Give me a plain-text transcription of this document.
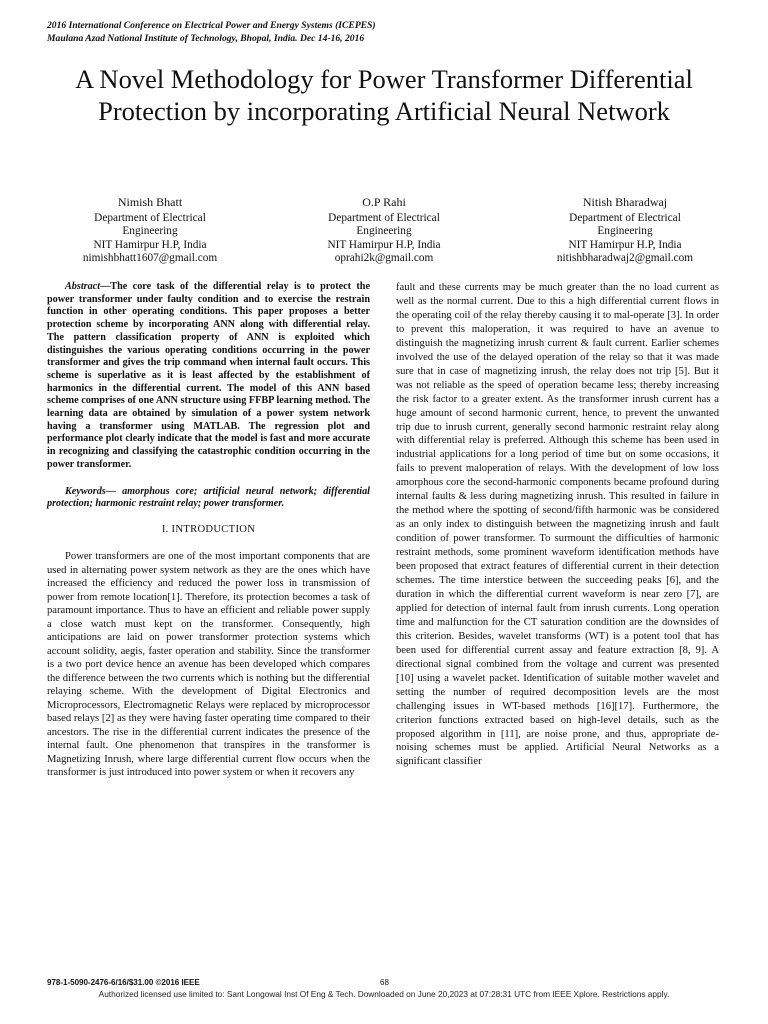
2016 International Conference on Electrical Power and Energy Systems (ICEPES)
Maulana Azad National Institute of Technology, Bhopal, India. Dec 14-16, 2016
A Novel Methodology for Power Transformer Differential Protection by incorporating Artificial Neural Network
Nimish Bhatt
Department of Electrical
Engineering
NIT Hamirpur H.P, India
nimishbhatt1607@gmail.com
O.P Rahi
Department of Electrical
Engineering
NIT Hamirpur H.P, India
oprahi2k@gmail.com
Nitish Bharadwaj
Department of Electrical
Engineering
NIT Hamirpur H.P, India
nitishbharadwaj2@gmail.com

Abstract—The core task of the differential relay is to protect the power transformer under faulty condition and to exercise the restrain function in other operating conditions. This paper proposes a better protection scheme by incorporating ANN along with differential relay. The pattern classification property of ANN is exploited which distinguishes the various operating conditions occurring in the power transformer and gives the trip command when internal fault occurs. This scheme is superlative as it is least affected by the establishment of harmonics in the differential current. The model of this ANN based scheme comprises of one ANN structure using FFBP learning method. The learning data are obtained by simulation of a power system network having a transformer using MATLAB. The regression plot and performance plot clearly indicate that the model is fast and more accurate in recognizing and classifying the catastrophic condition occurring in the power transformer.

Keywords— amorphous core; artificial neural network; differential protection; harmonic restraint relay; power transformer.

I. INTRODUCTION

Power transformers are one of the most important components that are used in alternating power system network as they are the ones which have increased the efficiency and reduced the power loss in transmission of power from remote location[1]. Therefore, its protection becomes a task of paramount importance. Thus to have an efficient and reliable power supply a close watch must kept on the transformer. Consequently, high anticipations are laid on power transformer protection systems which account solidity, aegis, faster operation and stability. Since the transformer is a two port device hence an avenue has been developed which compares the difference between the two currents which is nothing but the differential relaying scheme. With the development of Digital Electronics and Microprocessors, Electromagnetic Relays were replaced by microprocessor based relays [2] as they were having faster operating time compared to their ancestors. The rise in the differential current indicates the presence of the internal fault. One phenomenon that transpires in the transformer is Magnetizing Inrush, where large differential current flow occurs when the transformer is just introduced into power system or when it recovers any

fault and these currents may be much greater than the no load current as well as the normal current. Due to this a high differential current flows in the operating coil of the relay thereby causing it to mal-operate [3]. In order to prevent this maloperation, it was required to have an avenue to distinguish the magnetizing inrush current & fault current. Earlier schemes involved the use of the delayed operation of the relay so that it was made sure that in case of magnetizing inrush, the relay does not trip [5]. But it was not reliable as the speed of operation became less; thereby increasing the risk factor to a greater extent. As the transformer inrush current has a huge amount of second harmonic current, hence, to prevent the unwanted trip due to inrush current, generally second harmonic restraint relay along with differential relay is preferred. Although this scheme has been used in industrial applications for a long period of time but on some occasions, it fails to prevent maloperation of relays. With the development of low loss amorphous core the second-harmonic components became profound during internal faults & less during magnetizing inrush. This resulted in failure in the method where the spotting of second/fifth harmonic was be considered as an only index to distinguish between the magnetizing inrush and fault condition of power transformer. To surmount the difficulties of harmonic restraint methods, some prominent waveform identification methods have been proposed that extract features of differential current in their detection schemes. The time interstice between the succeeding peaks [6], and the duration in which the differential current waveform is near zero [7], are applied for detection of internal fault from inrush currents. Long operation time and malfunction for the CT saturation condition are the downsides of this criterion. Besides, wavelet transforms (WT) is a potent tool that has been used for differential current assay and feature extraction [8, 9]. A directional signal combined from the voltage and current was presented [10] using a wavelet packet. Identification of suitable mother wavelet and setting the number of required decomposition levels are the most challenging issues in WT-based methods [16][17]. Furthermore, the criterion functions extracted based on high-level details, such as the proposed algorithm in [11], are noise prone, and thus, appropriate de-noising schemes must be applied. Artificial Neural Networks as a significant classifier

978-1-5090-2476-6/16/$31.00 ©2016 IEEE	68
Authorized licensed use limited to: Sant Longowal Inst Of Eng & Tech. Downloaded on June 20,2023 at 07:28:31 UTC from IEEE Xplore. Restrictions apply.
